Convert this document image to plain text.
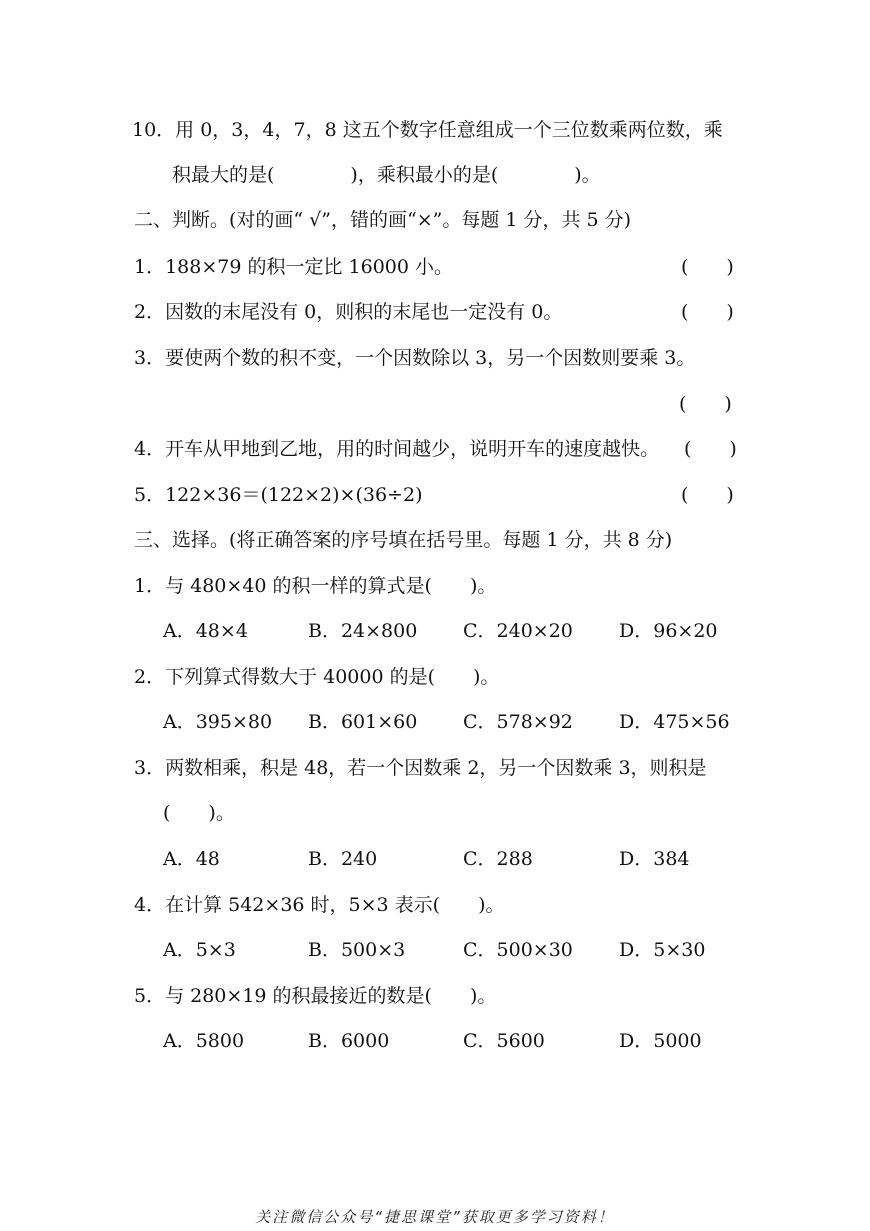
10．用 0，3，4，7，8 这五个数字任意组成一个三位数乘两位数，乘
积最大的是(　　　　)，乘积最小的是(　　　　)。
二、判断。(对的画“ √”，错的画“×”。每题 1 分，共 5 分)
1．188×79 的积一定比 16000 小。	(　　)
2．因数的末尾没有 0，则积的末尾也一定没有 0。	(　　)
3．要使两个数的积不变，一个因数除以 3，另一个因数则要乘 3。
(　　)
4．开车从甲地到乙地，用的时间越少，说明开车的速度越快。 (　　)
5．122×36＝(122×2)×(36÷2)	(　　)
三、选择。(将正确答案的序号填在括号里。每题 1 分，共 8 分)
1．与 480×40 的积一样的算式是(　　)。
A．48×4	B．24×800 C．240×20 D．96×20
2．下列算式得数大于 40000 的是(　　)。
A．395×80 B．601×60 C．578×92 D．475×56
3．两数相乘，积是 48，若一个因数乘 2，另一个因数乘 3，则积是
(　　)。
A．48	B．240	C．288	D．384
4．在计算 542×36 时，5×3 表示(　　)。
A．5×3	B．500×3	C．500×30 D．5×30
5．与 280×19 的积最接近的数是(　　)。
A．5800	B．6000	C．5600	D．5000
关注微信公众号“捷思课堂”获取更多学习资料！
